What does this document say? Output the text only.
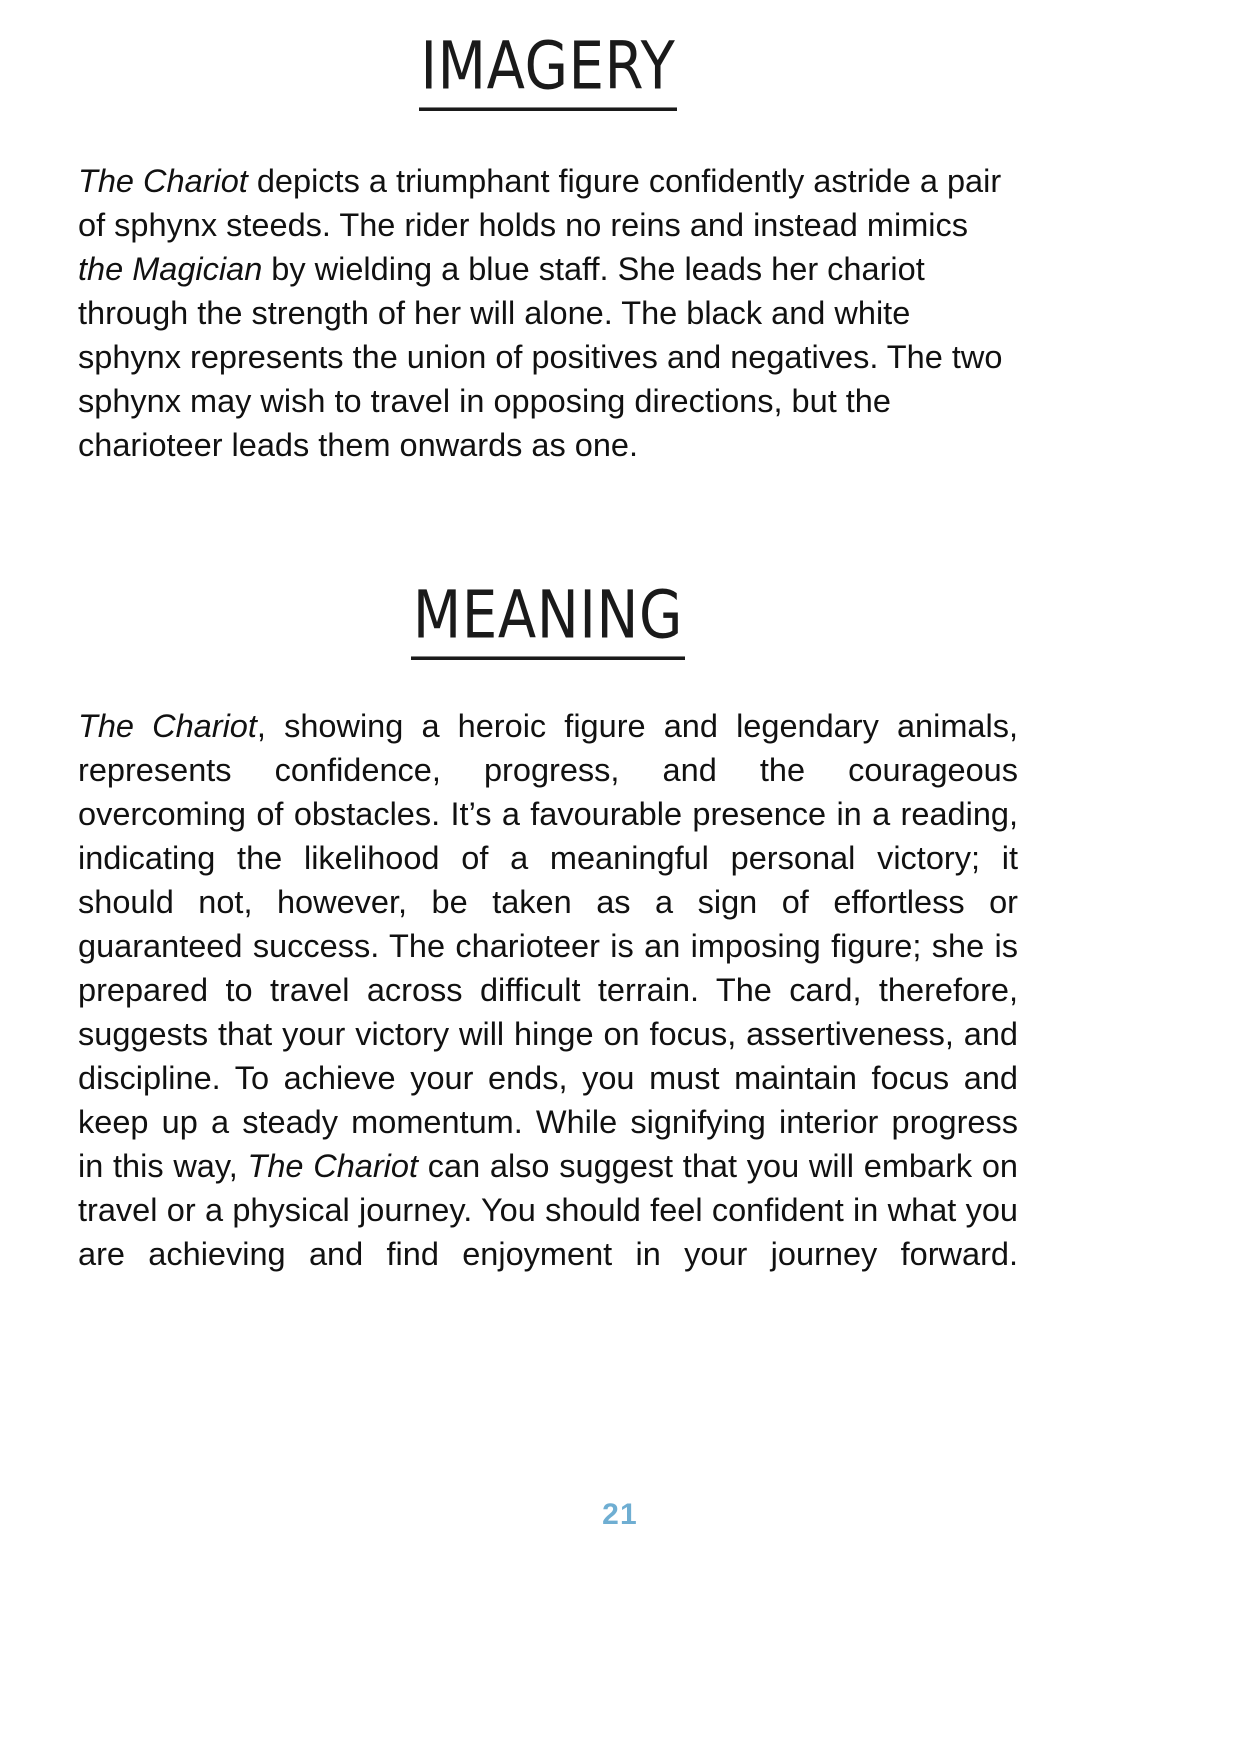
IMAGERY

The Chariot depicts a triumphant figure confidently astride a pair of sphynx steeds. The rider holds no reins and instead mimics the Magician by wielding a blue staff. She leads her chariot through the strength of her will alone. The black and white sphynx represents the union of positives and negatives. The two sphynx may wish to travel in opposing directions, but the charioteer leads them onwards as one.

MEANING

The Chariot, showing a heroic figure and legendary animals, represents confidence, progress, and the courageous overcoming of obstacles. It’s a favourable presence in a reading, indicating the likelihood of a meaningful personal victory; it should not, however, be taken as a sign of effortless or guaranteed success. The charioteer is an imposing figure; she is prepared to travel across difficult terrain. The card, therefore, suggests that your victory will hinge on focus, assertiveness, and discipline. To achieve your ends, you must maintain focus and keep up a steady momentum. While signifying interior progress in this way, The Chariot can also suggest that you will embark on travel or a physical journey. You should feel confident in what you are achieving and find enjoyment in your journey forward.

21
